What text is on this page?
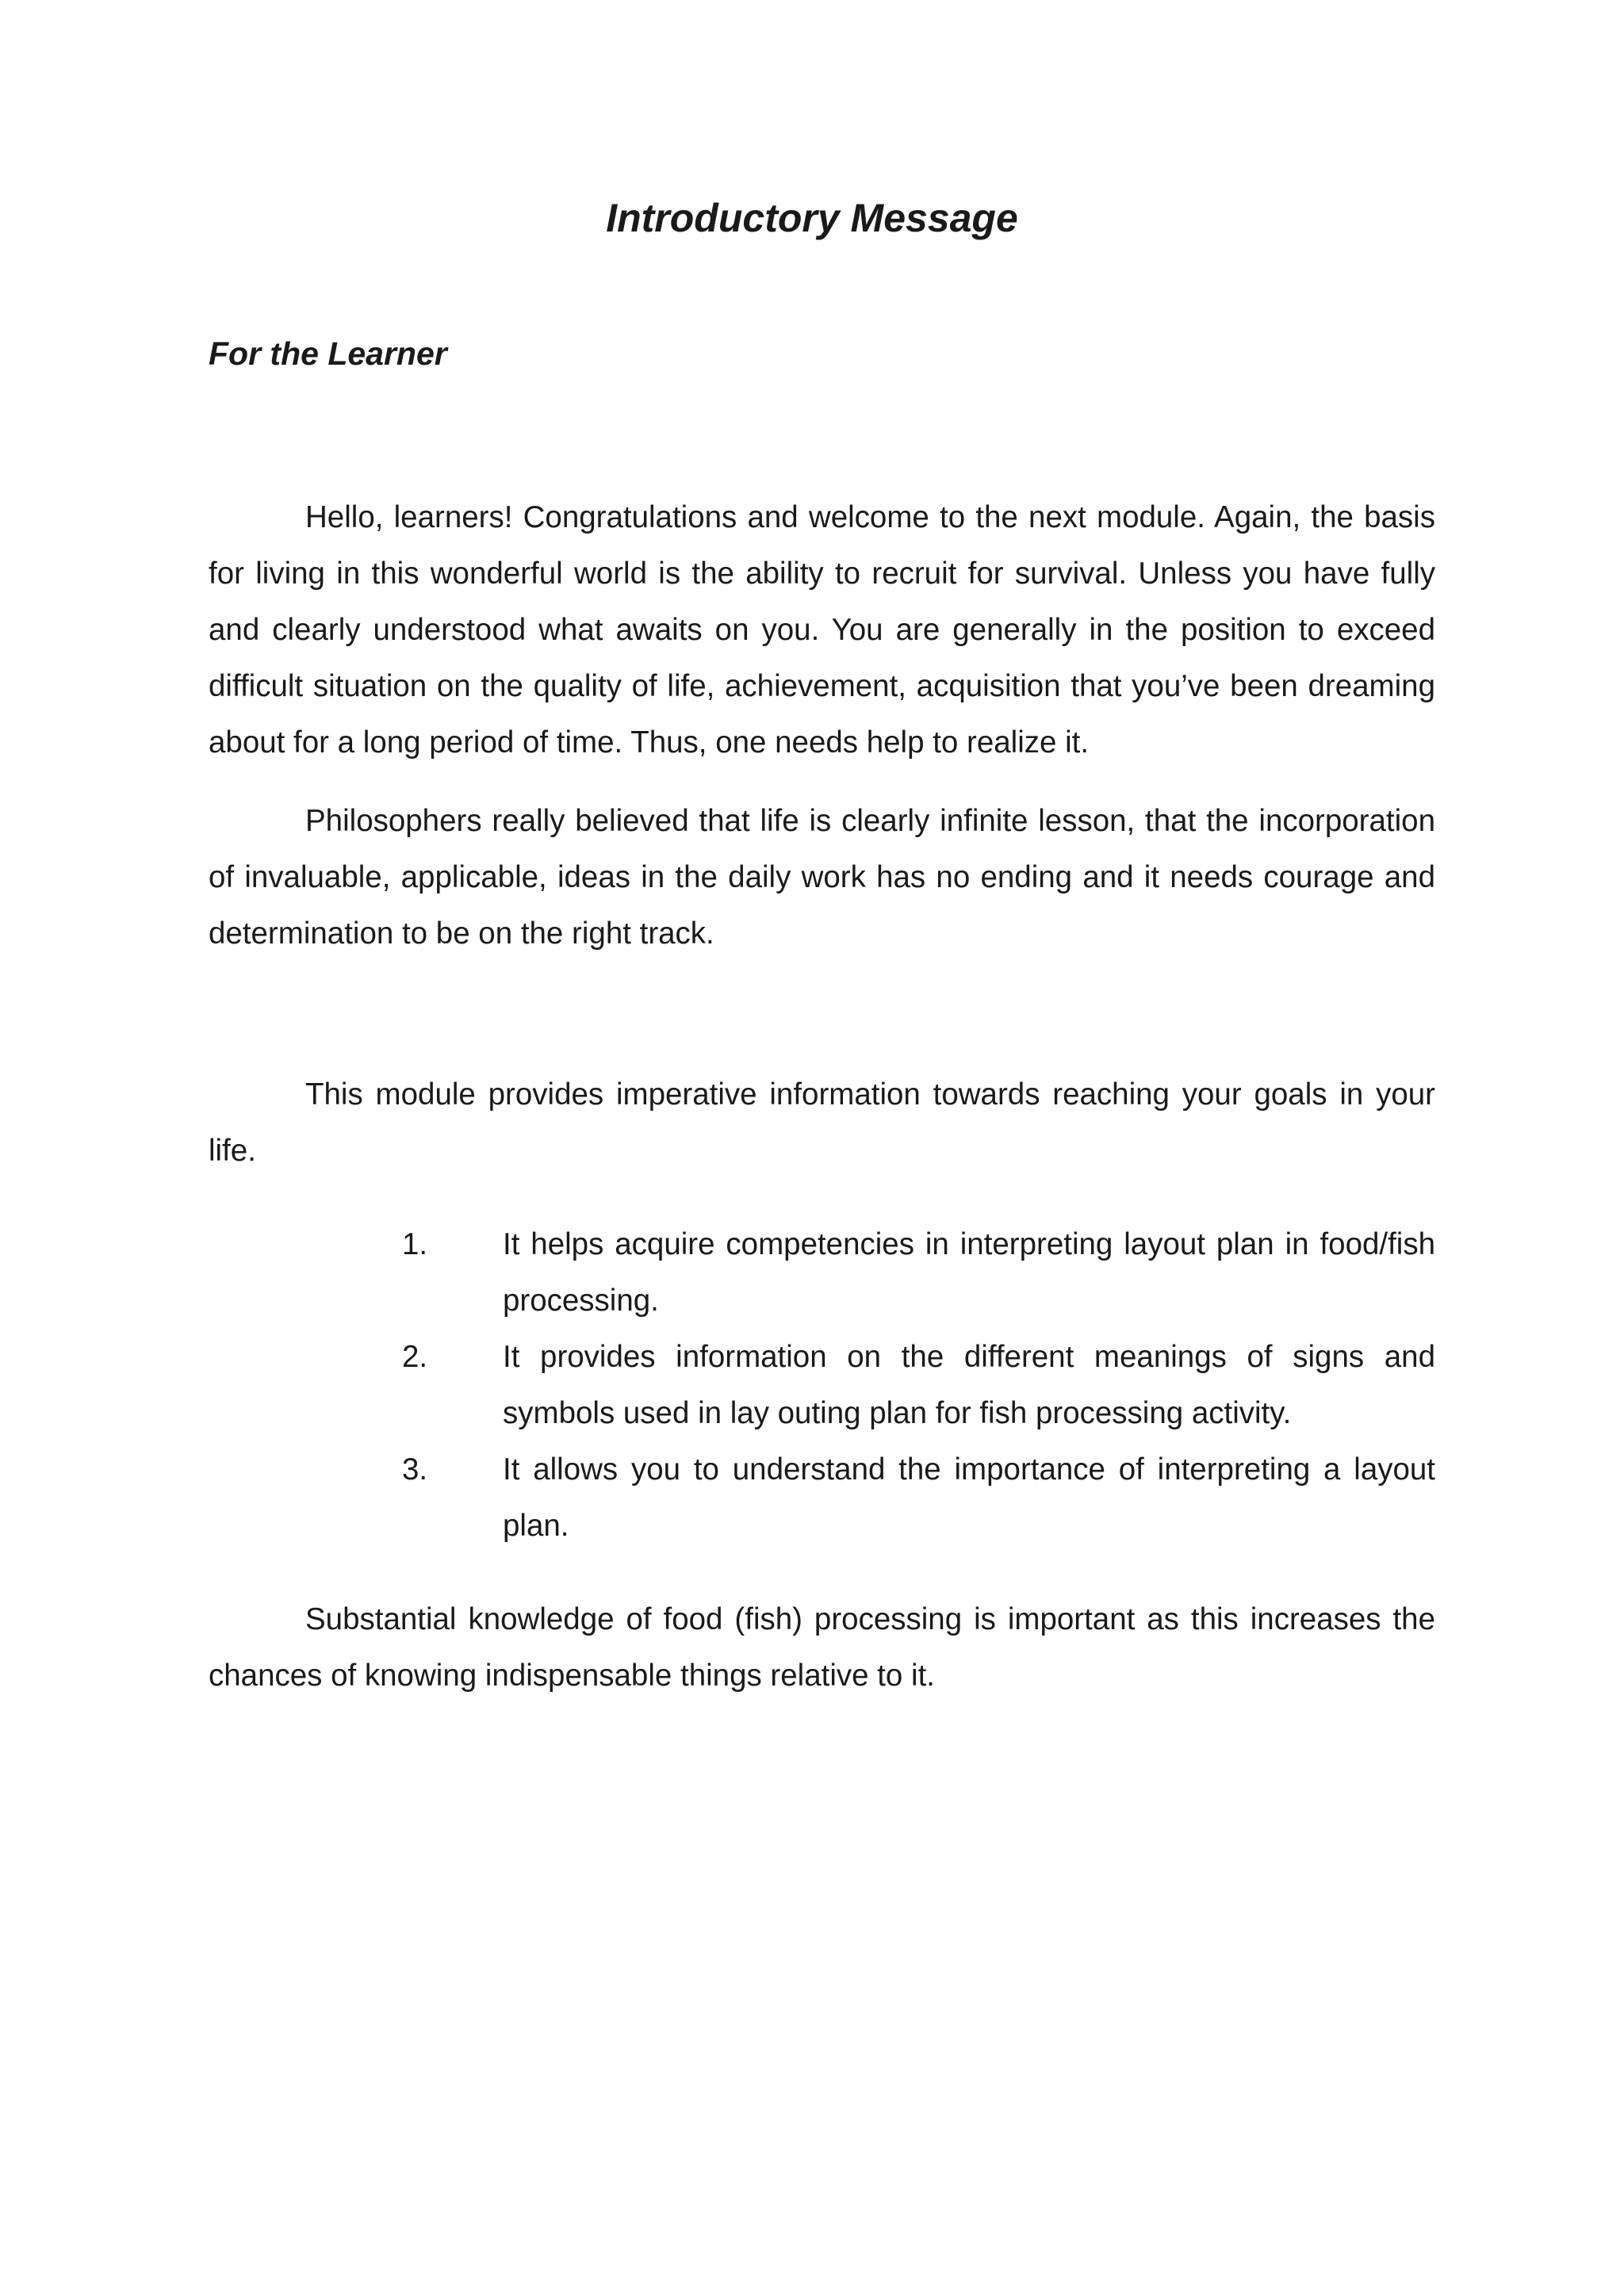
Introductory Message
For the Learner

Hello, learners! Congratulations and welcome to the next module. Again, the basis for living in this wonderful world is the ability to recruit for survival. Unless you have fully and clearly understood what awaits on you. You are generally in the position to exceed difficult situation on the quality of life, achievement, acquisition that you’ve been dreaming about for a long period of time. Thus, one needs help to realize it.

Philosophers really believed that life is clearly infinite lesson, that the incorporation of invaluable, applicable, ideas in the daily work has no ending and it needs courage and determination to be on the right track.

This module provides imperative information towards reaching your goals in your life.

1. It helps acquire competencies in interpreting layout plan in food/fish processing.
2. It provides information on the different meanings of signs and symbols used in lay outing plan for fish processing activity.
3. It allows you to understand the importance of interpreting a layout plan.

Substantial knowledge of food (fish) processing is important as this increases the chances of knowing indispensable things relative to it.
